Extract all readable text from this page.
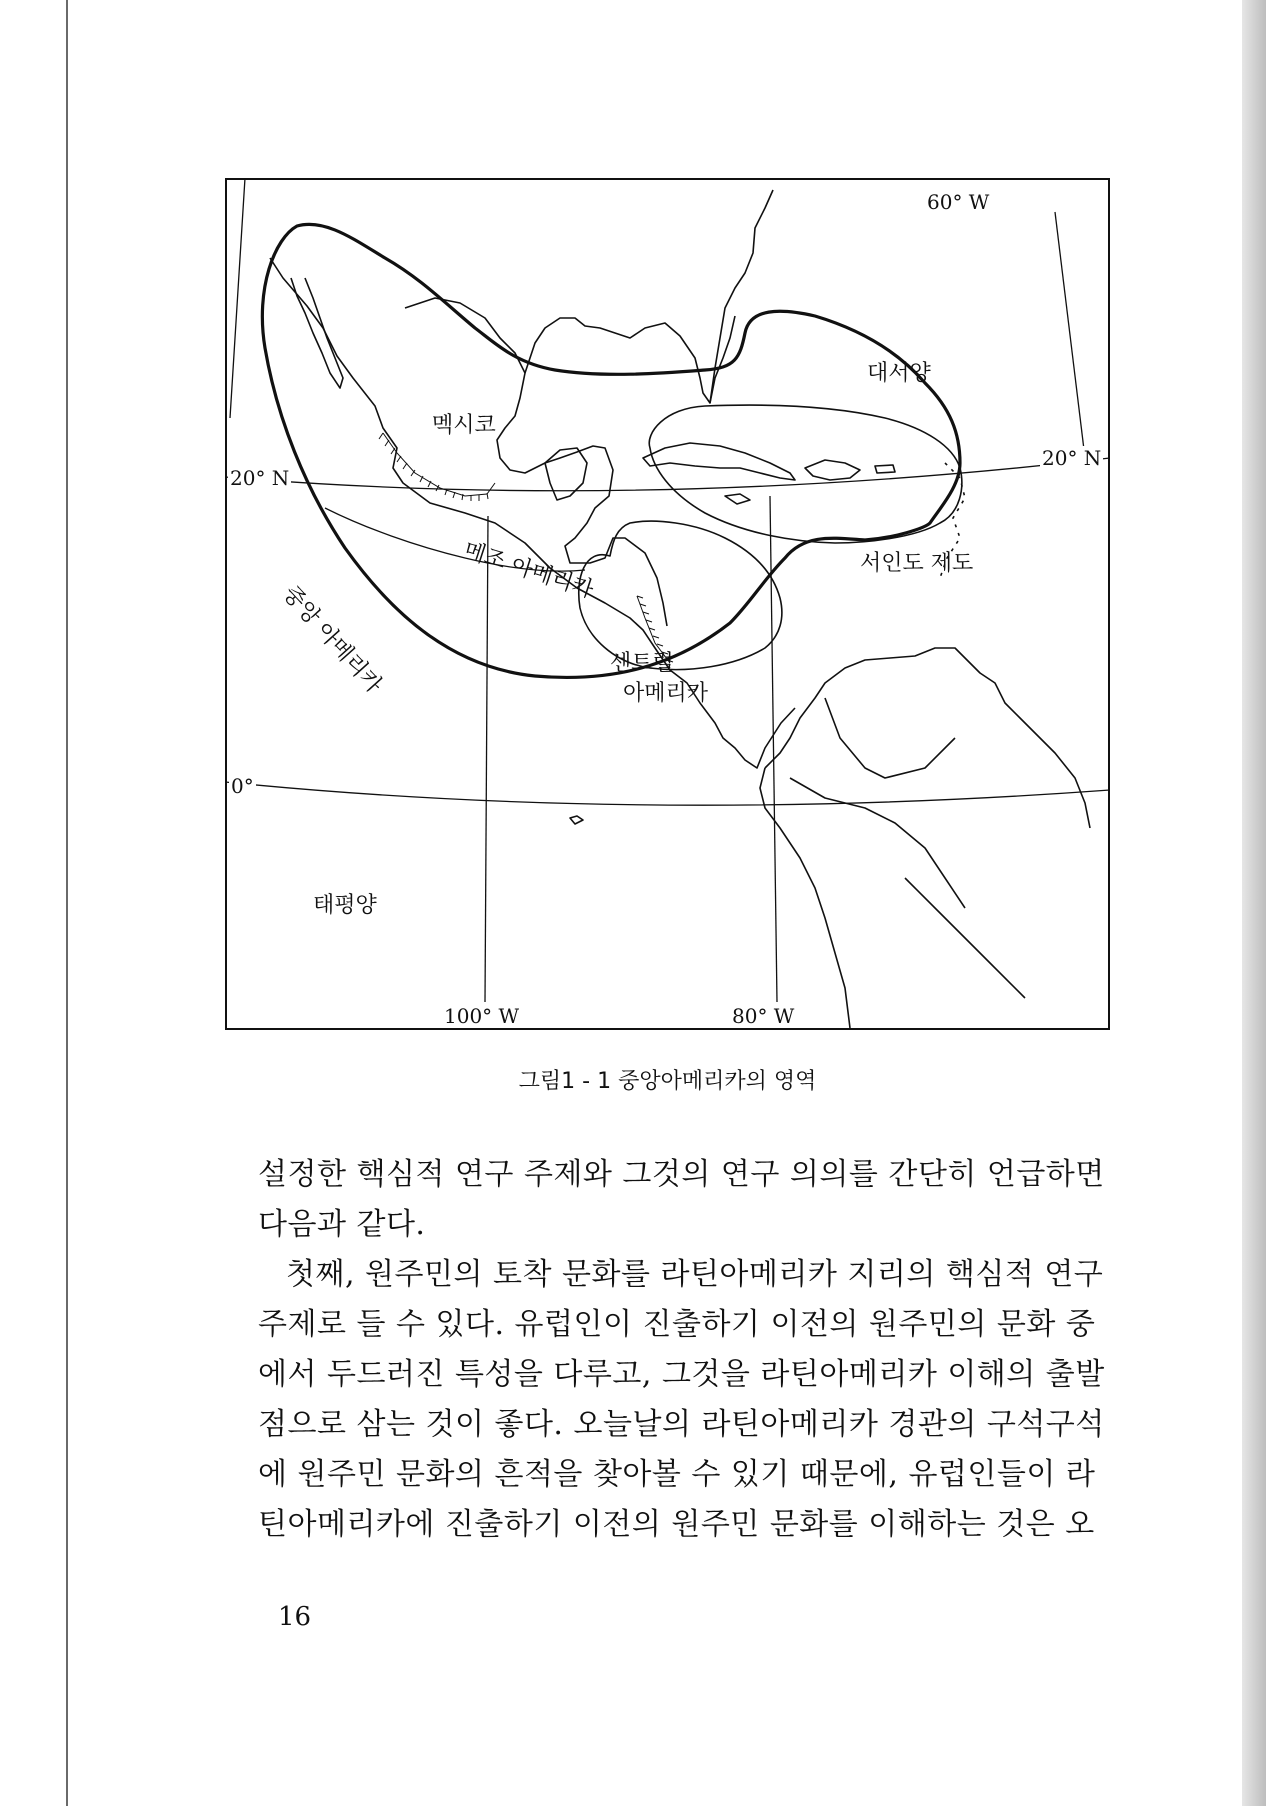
멕시코
대서양
태평양
메조 아메리카
중앙 아메리카	센트럴
아메리카
서인도 제도
20° N
20° N
0°
60° W
100° W	80° W
그림1 - 1 중앙아메리카의 영역
설정한 핵심적 연구 주제와 그것의 연구 의의를 간단히 언급하면
다음과 같다.
첫째, 원주민의 토착 문화를 라틴아메리카 지리의 핵심적 연구
주제로 들 수 있다. 유럽인이 진출하기 이전의 원주민의 문화 중
에서 두드러진 특성을 다루고, 그것을 라틴아메리카 이해의 출발
점으로 삼는 것이 좋다. 오늘날의 라틴아메리카 경관의 구석구석
에 원주민 문화의 흔적을 찾아볼 수 있기 때문에, 유럽인들이 라
틴아메리카에 진출하기 이전의 원주민 문화를 이해하는 것은 오
16
